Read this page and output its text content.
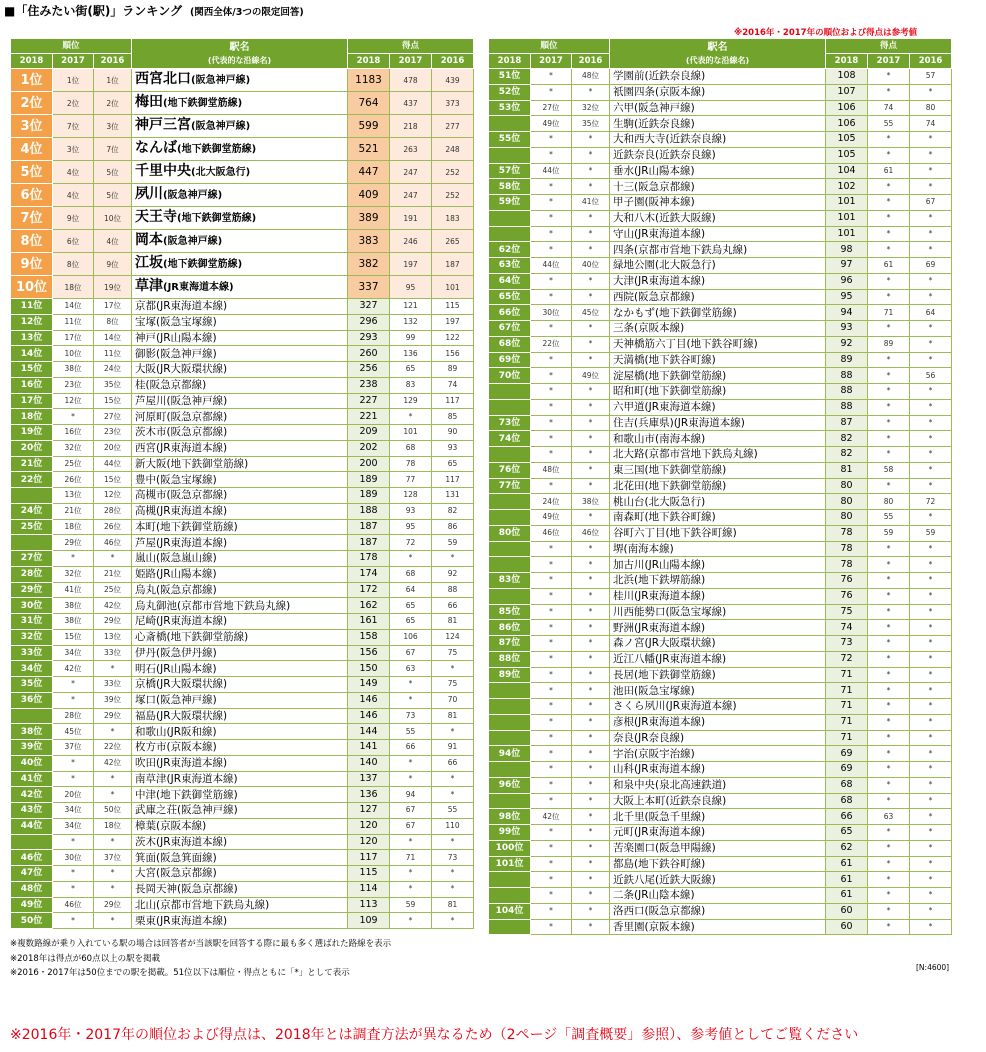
■「住みたい街(駅)」ランキング (関西全体/3つの限定回答)
※2016年・2017年の順位および得点は参考値
順位			駅名
(代表的な沿線名)	得点		
2018	2017	2016		2018	2017	2016
1位	1位	1位	西宮北口(阪急神戸線)	1183	478	439
2位	2位	2位	梅田(地下鉄御堂筋線)	764	437	373
3位	7位	3位	神戸三宮(阪急神戸線)	599	218	277
4位	3位	7位	なんば(地下鉄御堂筋線)	521	263	248
5位	4位	5位	千里中央(北大阪急行)	447	247	252
6位	4位	5位	夙川(阪急神戸線)	409	247	252
7位	9位	10位	天王寺(地下鉄御堂筋線)	389	191	183
8位	6位	4位	岡本(阪急神戸線)	383	246	265
9位	8位	9位	江坂(地下鉄御堂筋線)	382	197	187
10位	18位	19位	草津(JR東海道本線)	337	95	101
11位	14位	17位	京都(JR東海道本線)	327	121	115
12位	11位	8位	宝塚(阪急宝塚線)	296	132	197
13位	17位	14位	神戸(JR山陽本線)	293	99	122
14位	10位	11位	御影(阪急神戸線)	260	136	156
15位	38位	24位	大阪(JR大阪環状線)	256	65	89
16位	23位	35位	桂(阪急京都線)	238	83	74
17位	12位	15位	芦屋川(阪急神戸線)	227	129	117
18位	*	27位	河原町(阪急京都線)	221	*	85
19位	16位	23位	茨木市(阪急京都線)	209	101	90
20位	32位	20位	西宮(JR東海道本線)	202	68	93
21位	25位	44位	新大阪(地下鉄御堂筋線)	200	78	65
22位	26位	15位	豊中(阪急宝塚線)	189	77	117
	13位	12位	高槻市(阪急京都線)	189	128	131
24位	21位	28位	高槻(JR東海道本線)	188	93	82
25位	18位	26位	本町(地下鉄御堂筋線)	187	95	86
	29位	46位	芦屋(JR東海道本線)	187	72	59
27位	*	*	嵐山(阪急嵐山線)	178	*	*
28位	32位	21位	姫路(JR山陽本線)	174	68	92
29位	41位	25位	烏丸(阪急京都線)	172	64	88
30位	38位	42位	烏丸御池(京都市営地下鉄烏丸線)	162	65	66
31位	38位	29位	尼崎(JR東海道本線)	161	65	81
32位	15位	13位	心斎橋(地下鉄御堂筋線)	158	106	124
33位	34位	33位	伊丹(阪急伊丹線)	156	67	75
34位	42位	*	明石(JR山陽本線)	150	63	*
35位	*	33位	京橋(JR大阪環状線)	149	*	75
36位	*	39位	塚口(阪急神戸線)	146	*	70
	28位	29位	福島(JR大阪環状線)	146	73	81
38位	45位	*	和歌山(JR阪和線)	144	55	*
39位	37位	22位	枚方市(京阪本線)	141	66	91
40位	*	42位	吹田(JR東海道本線)	140	*	66
41位	*	*	南草津(JR東海道本線)	137	*	*
42位	20位	*	中津(地下鉄御堂筋線)	136	94	*
43位	34位	50位	武庫之荘(阪急神戸線)	127	67	55
44位	34位	18位	樟葉(京阪本線)	120	67	110
	*	*	茨木(JR東海道本線)	120	*	*
46位	30位	37位	箕面(阪急箕面線)	117	71	73
47位	*	*	大宮(阪急京都線)	115	*	*
48位	*	*	長岡天神(阪急京都線)	114	*	*
49位	46位	29位	北山(京都市営地下鉄烏丸線)	113	59	81
50位	*	*	栗東(JR東海道本線)	109	*	*
順位			駅名
(代表的な沿線名)	得点		
2018	2017	2016		2018	2017	2016
51位	*	48位	学園前(近鉄奈良線)	108	*	57
52位	*	*	祇園四条(京阪本線)	107	*	*
53位	27位	32位	六甲(阪急神戸線)	106	74	80
	49位	35位	生駒(近鉄奈良線)	106	55	74
55位	*	*	大和西大寺(近鉄奈良線)	105	*	*
	*	*	近鉄奈良(近鉄奈良線)	105	*	*
57位	44位	*	垂水(JR山陽本線)	104	61	*
58位	*	*	十三(阪急京都線)	102	*	*
59位	*	41位	甲子園(阪神本線)	101	*	67
	*	*	大和八木(近鉄大阪線)	101	*	*
	*	*	守山(JR東海道本線)	101	*	*
62位	*	*	四条(京都市営地下鉄烏丸線)	98	*	*
63位	44位	40位	緑地公園(北大阪急行)	97	61	69
64位	*	*	大津(JR東海道本線)	96	*	*
65位	*	*	西院(阪急京都線)	95	*	*
66位	30位	45位	なかもず(地下鉄御堂筋線)	94	71	64
67位	*	*	三条(京阪本線)	93	*	*
68位	22位	*	天神橋筋六丁目(地下鉄谷町線)	92	89	*
69位	*	*	天満橋(地下鉄谷町線)	89	*	*
70位	*	49位	淀屋橋(地下鉄御堂筋線)	88	*	56
	*	*	昭和町(地下鉄御堂筋線)	88	*	*
	*	*	六甲道(JR東海道本線)	88	*	*
73位	*	*	住吉(兵庫県)(JR東海道本線)	87	*	*
74位	*	*	和歌山市(南海本線)	82	*	*
	*	*	北大路(京都市営地下鉄烏丸線)	82	*	*
76位	48位	*	東三国(地下鉄御堂筋線)	81	58	*
77位	*	*	北花田(地下鉄御堂筋線)	80	*	*
	24位	38位	桃山台(北大阪急行)	80	80	72
	49位	*	南森町(地下鉄谷町線)	80	55	*
80位	46位	46位	谷町六丁目(地下鉄谷町線)	78	59	59
	*	*	堺(南海本線)	78	*	*
	*	*	加古川(JR山陽本線)	78	*	*
83位	*	*	北浜(地下鉄堺筋線)	76	*	*
	*	*	桂川(JR東海道本線)	76	*	*
85位	*	*	川西能勢口(阪急宝塚線)	75	*	*
86位	*	*	野洲(JR東海道本線)	74	*	*
87位	*	*	森ノ宮(JR大阪環状線)	73	*	*
88位	*	*	近江八幡(JR東海道本線)	72	*	*
89位	*	*	長居(地下鉄御堂筋線)	71	*	*
	*	*	池田(阪急宝塚線)	71	*	*
	*	*	さくら夙川(JR東海道本線)	71	*	*
	*	*	彦根(JR東海道本線)	71	*	*
	*	*	奈良(JR奈良線)	71	*	*
94位	*	*	宇治(京阪宇治線)	69	*	*
	*	*	山科(JR東海道本線)	69	*	*
96位	*	*	和泉中央(泉北高速鉄道)	68	*	*
	*	*	大阪上本町(近鉄奈良線)	68	*	*
98位	42位	*	北千里(阪急千里線)	66	63	*
99位	*	*	元町(JR東海道本線)	65	*	*
100位	*	*	苦楽園口(阪急甲陽線)	62	*	*
101位	*	*	都島(地下鉄谷町線)	61	*	*
	*	*	近鉄八尾(近鉄大阪線)	61	*	*
	*	*	二条(JR山陰本線)	61	*	*
104位	*	*	洛西口(阪急京都線)	60	*	*
	*	*	香里園(京阪本線)	60	*	*
※複数路線が乗り入れている駅の場合は回答者が当該駅を回答する際に最も多く選ばれた路線を表示
※2018年は得点が60点以上の駅を掲載
※2016・2017年は50位までの駅を掲載。51位以下は順位・得点ともに「*」として表示
[N:4600]
※2016年・2017年の順位および得点は、2018年とは調査方法が異なるため（2ページ「調査概要」参照）、参考値としてご覧ください
